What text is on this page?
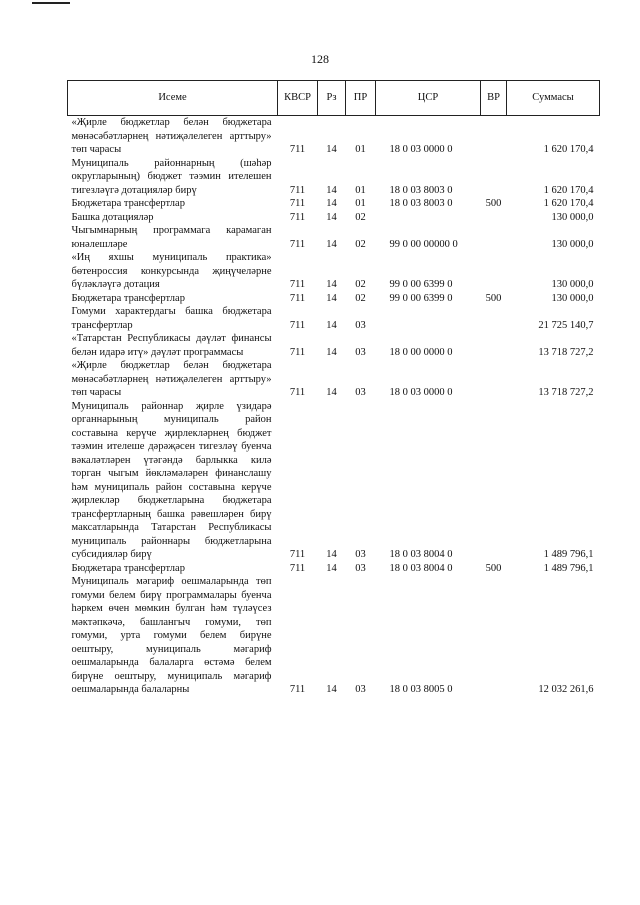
128
Исеме	КВСР	Рз	ПР	ЦСР	ВР	Суммасы
«Җирле бюджетлар белән бюджетара мөнәсәбәтләрнең нәтиҗәлелеген арттыру» төп чарасы	711	14	01	18 0 03 0000 0		1 620 170,4
Муниципаль районнарның (шәһәр округларының) бюджет тәэмин ителешен тигезләүгә дотацияләр бирү	711	14	01	18 0 03 8003 0		1 620 170,4
Бюджетара трансфертлар	711	14	01	18 0 03 8003 0	500	1 620 170,4
Башка дотацияләр	711	14	02			130 000,0
Чыгымнарның программага карамаган юнәлешләре	711	14	02	99 0 00 00000 0		130 000,0
«Иң яхшы муниципаль практика» бөтенроссия конкурсында җиңүчеләрне бүләкләүгә дотация	711	14	02	99 0 00 6399 0		130 000,0
Бюджетара трансфертлар	711	14	02	99 0 00 6399 0	500	130 000,0
Гомуми характердагы башка бюджетара трансфертлар	711	14	03			21 725 140,7
«Татарстан Республикасы дәүләт финансы белән идарә итү» дәүләт программасы	711	14	03	18 0 00 0000 0		13 718 727,2
«Җирле бюджетлар белән бюджетара мөнәсәбәтләрнең нәтиҗәлелеген арттыру» төп чарасы	711	14	03	18 0 03 0000 0		13 718 727,2
Муниципаль районнар җирле үзидарә органнарының муниципаль район составына керүче җирлекләрнең бюджет тәэмин ителеше дәрәҗәсен тигезләү буенча вәкаләтләрен үтәгәндә барлыкка килә торган чыгым йөкләмәләрен финанслашу һәм муниципаль район составына керүче җирлекләр бюджетларына бюджетара трансфертларның башка рәвешләрен бирү максатларында Татарстан Республикасы муниципаль районнары бюджетларына субсидияләр бирү	711	14	03	18 0 03 8004 0		1 489 796,1
Бюджетара трансфертлар	711	14	03	18 0 03 8004 0	500	1 489 796,1
Муниципаль мәгариф оешмаларында төп гомуми белем бирү программалары буенча һәркем өчен мөмкин булган һәм түләүсез мәктәпкәчә, башлангыч гомуми, төп гомуми, урта гомуми белем бирүне оештыру, муниципаль мәгариф оешмаларында балаларга өстәмә белем бирүне оештыру, муниципаль мәгариф оешмаларында балаларны	711	14	03	18 0 03 8005 0		12 032 261,6
